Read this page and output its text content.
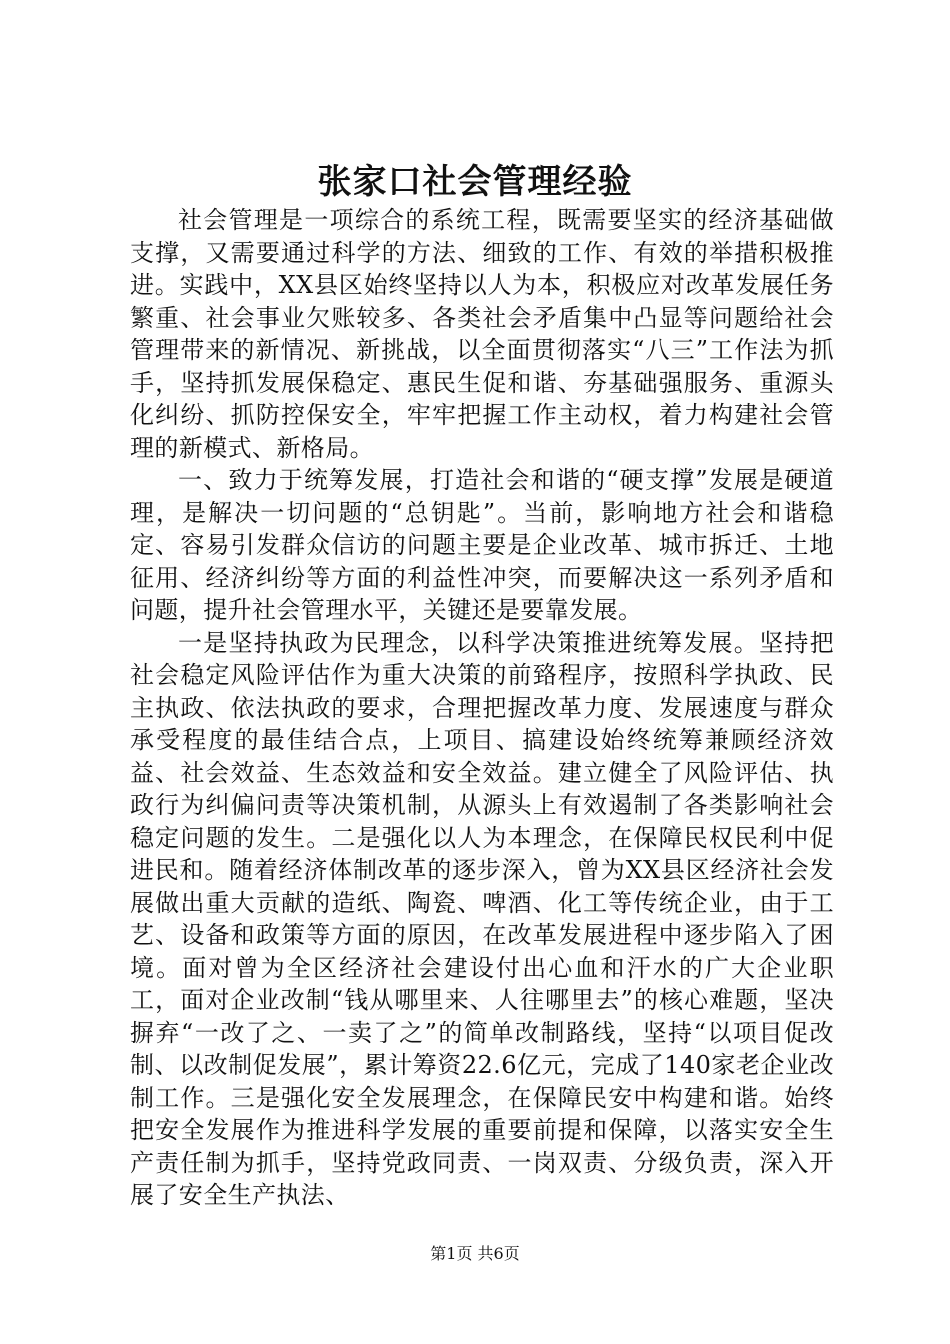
张家口社会管理经验

社会管理是一项综合的系统工程，既需要坚实的经济基础做支撑，又需要通过科学的方法、细致的工作、有效的举措积极推进。实践中，XX县区始终坚持以人为本，积极应对改革发展任务繁重、社会事业欠账较多、各类社会矛盾集中凸显等问题给社会管理带来的新情况、新挑战，以全面贯彻落实“八三”工作法为抓手，坚持抓发展保稳定、惠民生促和谐、夯基础强服务、重源头化纠纷、抓防控保安全，牢牢把握工作主动权，着力构建社会管理的新模式、新格局。

一、致力于统筹发展，打造社会和谐的“硬支撑”发展是硬道理，是解决一切问题的“总钥匙”。当前，影响地方社会和谐稳定、容易引发群众信访的问题主要是企业改革、城市拆迁、土地征用、经济纠纷等方面的利益性冲突，而要解决这一系列矛盾和问题，提升社会管理水平，关键还是要靠发展。

一是坚持执政为民理念，以科学决策推进统筹发展。坚持把社会稳定风险评估作为重大决策的前臵程序，按照科学执政、民主执政、依法执政的要求，合理把握改革力度、发展速度与群众承受程度的最佳结合点，上项目、搞建设始终统筹兼顾经济效益、社会效益、生态效益和安全效益。建立健全了风险评估、执政行为纠偏问责等决策机制，从源头上有效遏制了各类影响社会稳定问题的发生。二是强化以人为本理念，在保障民权民利中促进民和。随着经济体制改革的逐步深入，曾为XX县区经济社会发展做出重大贡献的造纸、陶瓷、啤酒、化工等传统企业，由于工艺、设备和政策等方面的原因，在改革发展进程中逐步陷入了困境。面对曾为全区经济社会建设付出心血和汗水的广大企业职工，面对企业改制“钱从哪里来、人往哪里去”的核心难题，坚决摒弃“一改了之、一卖了之”的简单改制路线，坚持“以项目促改制、以改制促发展”，累计筹资22.6亿元，完成了140家老企业改制工作。三是强化安全发展理念，在保障民安中构建和谐。始终把安全发展作为推进科学发展的重要前提和保障，以落实安全生产责任制为抓手，坚持党政同责、一岗双责、分级负责，深入开展了安全生产执法、

第1页 共6页
